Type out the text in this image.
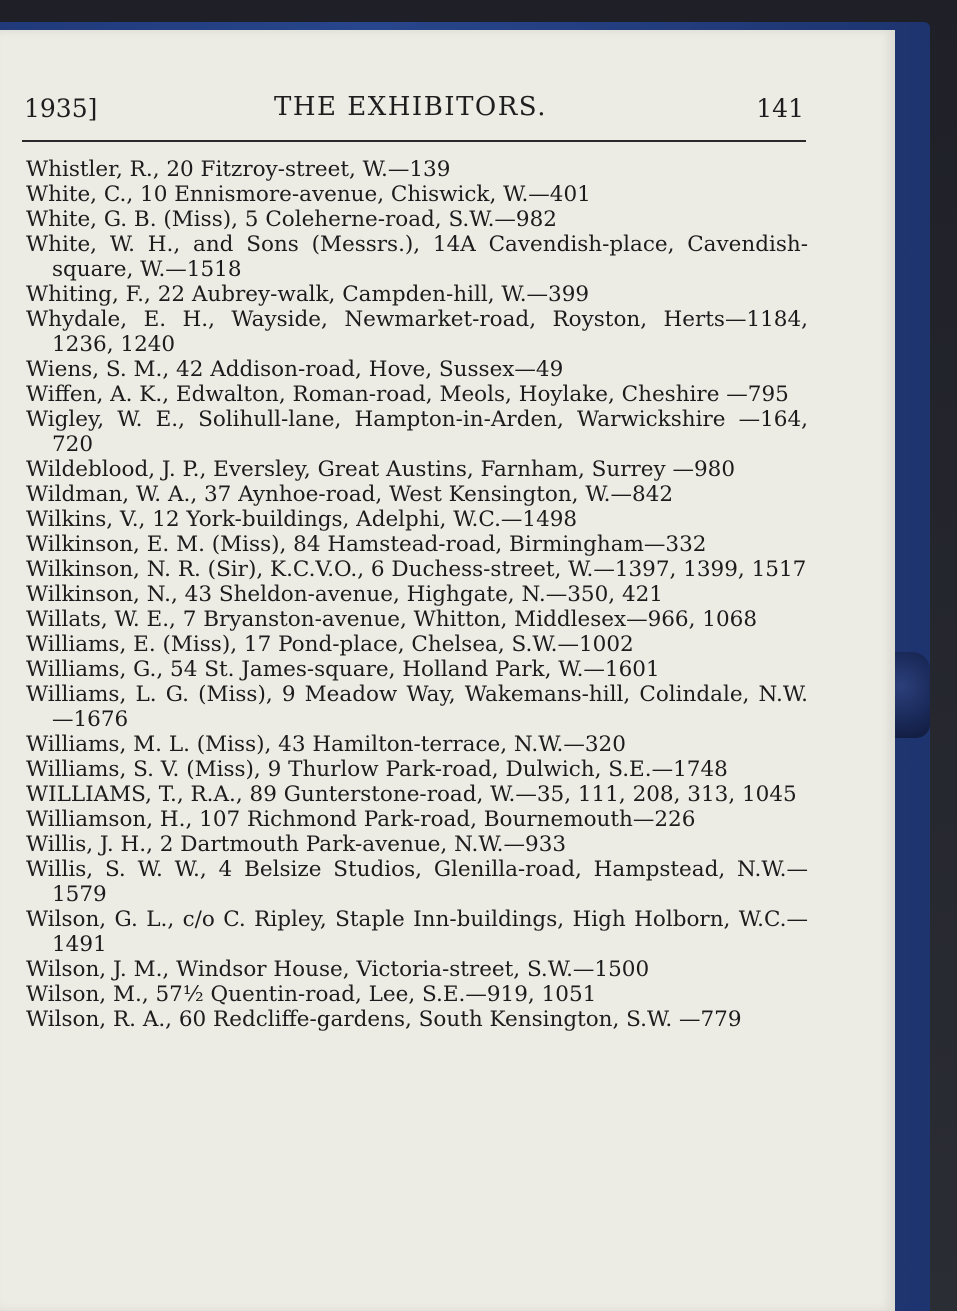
1935]	THE EXHIBITORS.	141
Whistler, R., 20 Fitzroy-street, W.—139
White, C., 10 Ennismore-avenue, Chiswick, W.—401
White, G. B. (Miss), 5 Coleherne-road, S.W.—982
White, W. H., and Sons (Messrs.), 14A Cavendish-place, Cavendish-square, W.—1518
Whiting, F., 22 Aubrey-walk, Campden-hill, W.—399
Whydale, E. H., Wayside, Newmarket-road, Royston, Herts—1184, 1236, 1240
Wiens, S. M., 42 Addison-road, Hove, Sussex—49
Wiffen, A. K., Edwalton, Roman-road, Meols, Hoylake, Cheshire —795
Wigley, W. E., Solihull-lane, Hampton-in-Arden, Warwickshire —164, 720
Wildeblood, J. P., Eversley, Great Austins, Farnham, Surrey —980
Wildman, W. A., 37 Aynhoe-road, West Kensington, W.—842
Wilkins, V., 12 York-buildings, Adelphi, W.C.—1498
Wilkinson, E. M. (Miss), 84 Hamstead-road, Birmingham—332
Wilkinson, N. R. (Sir), K.C.V.O., 6 Duchess-street, W.—1397, 1399, 1517
Wilkinson, N., 43 Sheldon-avenue, Highgate, N.—350, 421
Willats, W. E., 7 Bryanston-avenue, Whitton, Middlesex—966, 1068
Williams, E. (Miss), 17 Pond-place, Chelsea, S.W.—1002
Williams, G., 54 St. James-square, Holland Park, W.—1601
Williams, L. G. (Miss), 9 Meadow Way, Wakemans-hill, Colindale, N.W.—1676
Williams, M. L. (Miss), 43 Hamilton-terrace, N.W.—320
Williams, S. V. (Miss), 9 Thurlow Park-road, Dulwich, S.E.—1748
WILLIAMS, T., R.A., 89 Gunterstone-road, W.—35, 111, 208, 313, 1045
Williamson, H., 107 Richmond Park-road, Bournemouth—226
Willis, J. H., 2 Dartmouth Park-avenue, N.W.—933
Willis, S. W. W., 4 Belsize Studios, Glenilla-road, Hampstead, N.W.—1579
Wilson, G. L., c/o C. Ripley, Staple Inn-buildings, High Holborn, W.C.—1491
Wilson, J. M., Windsor House, Victoria-street, S.W.—1500
Wilson, M., 57½ Quentin-road, Lee, S.E.—919, 1051
Wilson, R. A., 60 Redcliffe-gardens, South Kensington, S.W. —779
